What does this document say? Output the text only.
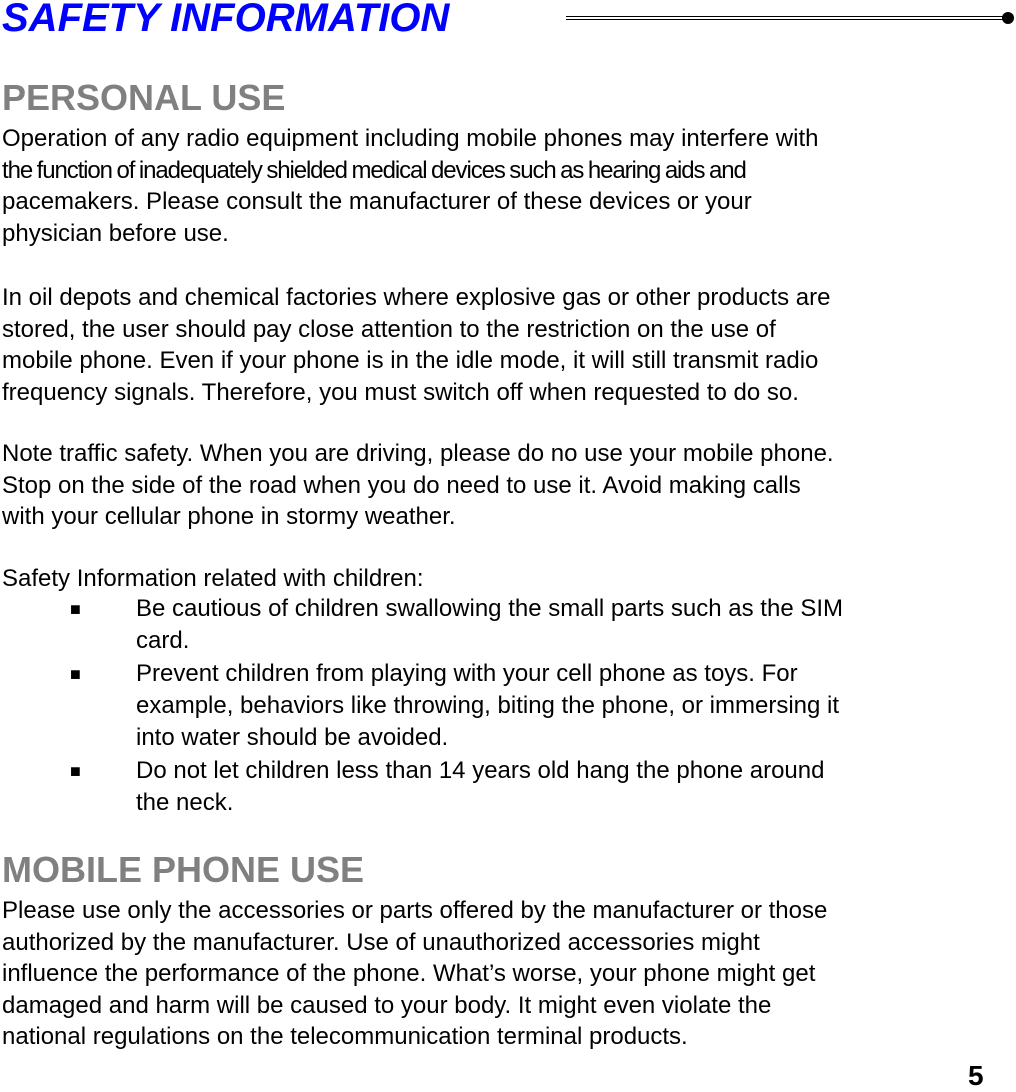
SAFETY INFORMATION
PERSONAL USE

Operation of any radio equipment including mobile phones may interfere with
the function of inadequately shielded medical devices such as hearing aids and
pacemakers. Please consult the manufacturer of these devices or your
physician before use.

In oil depots and chemical factories where explosive gas or other products are
stored, the user should pay close attention to the restriction on the use of
mobile phone. Even if your phone is in the idle mode, it will still transmit radio
frequency signals. Therefore, you must switch off when requested to do so.

Note traffic safety. When you are driving, please do no use your mobile phone.
Stop on the side of the road when you do need to use it. Avoid making calls
with your cellular phone in stormy weather.

Safety Information related with children:

■ Be cautious of children swallowing the small parts such as the SIM
card.
■ Prevent children from playing with your cell phone as toys. For
example, behaviors like throwing, biting the phone, or immersing it
into water should be avoided.
■ Do not let children less than 14 years old hang the phone around
the neck.
MOBILE PHONE USE

Please use only the accessories or parts offered by the manufacturer or those
authorized by the manufacturer. Use of unauthorized accessories might
influence the performance of the phone. What’s worse, your phone might get
damaged and harm will be caused to your body. It might even violate the
national regulations on the telecommunication terminal products.

5
